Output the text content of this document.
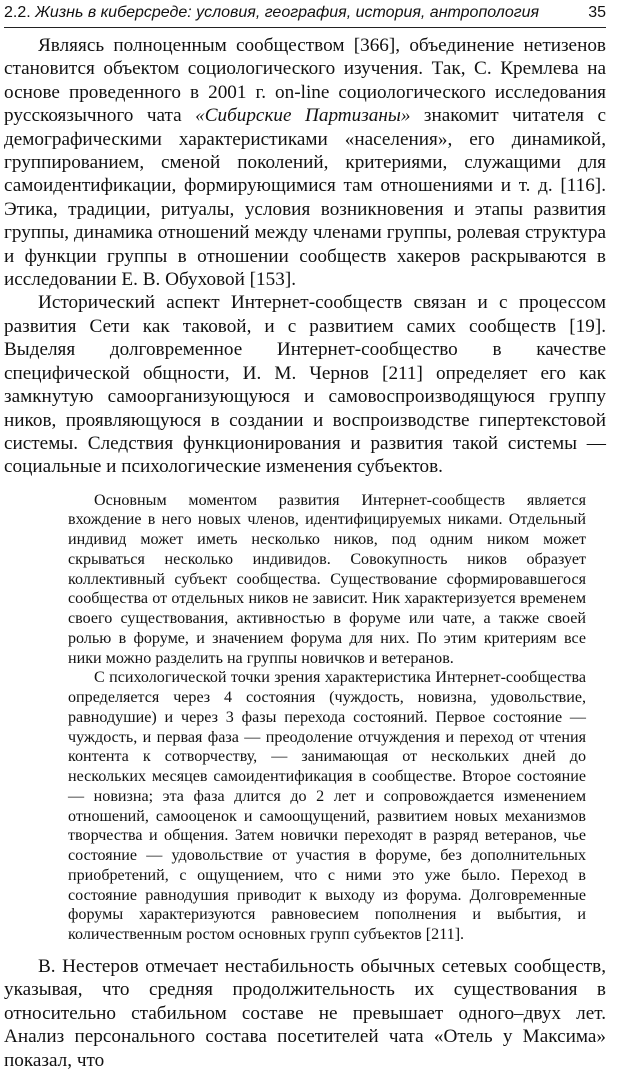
2.2. Жизнь в киберсреде: условия, география, история, антропология	35

Являясь полноценным сообществом [366], объединение нетизенов становится объектом социологического изучения. Так, С. Кремлева на основе проведенного в 2001 г. on-line социологического исследования русскоязычного чата «Сибирские Партизаны» знакомит читателя с демографическими характеристиками «населения», его динамикой, группированием, сменой поколений, критериями, служащими для самоидентификации, формирующимися там отношениями и т. д. [116]. Этика, традиции, ритуалы, условия возникновения и этапы развития группы, динамика отношений между членами группы, ролевая структура и функции группы в отношении сообществ хакеров раскрываются в исследовании Е. В. Обуховой [153].

Исторический аспект Интернет-сообществ связан и с процессом развития Сети как таковой, и с развитием самих сообществ [19]. Выделяя долговременное Интернет-сообщество в качестве специфической общности, И. М. Чернов [211] определяет его как замкнутую самоорганизующуюся и самовоспроизводящуюся группу ников, проявляющуюся в создании и воспроизводстве гипертекстовой системы. Следствия функционирования и развития такой системы — социальные и психологические изменения субъектов.

Основным моментом развития Интернет-сообществ является вхождение в него новых членов, идентифицируемых никами. Отдельный индивид может иметь несколько ников, под одним ником может скрываться несколько индивидов. Совокупность ников образует коллективный субъект сообщества. Существование сформировавшегося сообщества от отдельных ников не зависит. Ник характеризуется временем своего существования, активностью в форуме или чате, а также своей ролью в форуме, и значением форума для них. По этим критериям все ники можно разделить на группы новичков и ветеранов.

С психологической точки зрения характеристика Интернет-сообщества определяется через 4 состояния (чуждость, новизна, удовольствие, равнодушие) и через 3 фазы перехода состояний. Первое состояние — чуждость, и первая фаза — преодоление отчуждения и переход от чтения контента к сотворчеству, — занимающая от нескольких дней до нескольких месяцев самоидентификация в сообществе. Второе состояние — новизна; эта фаза длится до 2 лет и сопровождается изменением отношений, самооценок и самоощущений, развитием новых механизмов творчества и общения. Затем новички переходят в разряд ветеранов, чье состояние — удовольствие от участия в форуме, без дополнительных приобретений, с ощущением, что с ними это уже было. Переход в состояние равнодушия приводит к выходу из форума. Долговременные форумы характеризуются равновесием пополнения и выбытия, и количественным ростом основных групп субъектов [211].

В. Нестеров отмечает нестабильность обычных сетевых сообществ, указывая, что средняя продолжительность их существования в относительно стабильном составе не превышает одного–двух лет. Анализ персонального состава посетителей чата «Отель у Максима» показал, что
